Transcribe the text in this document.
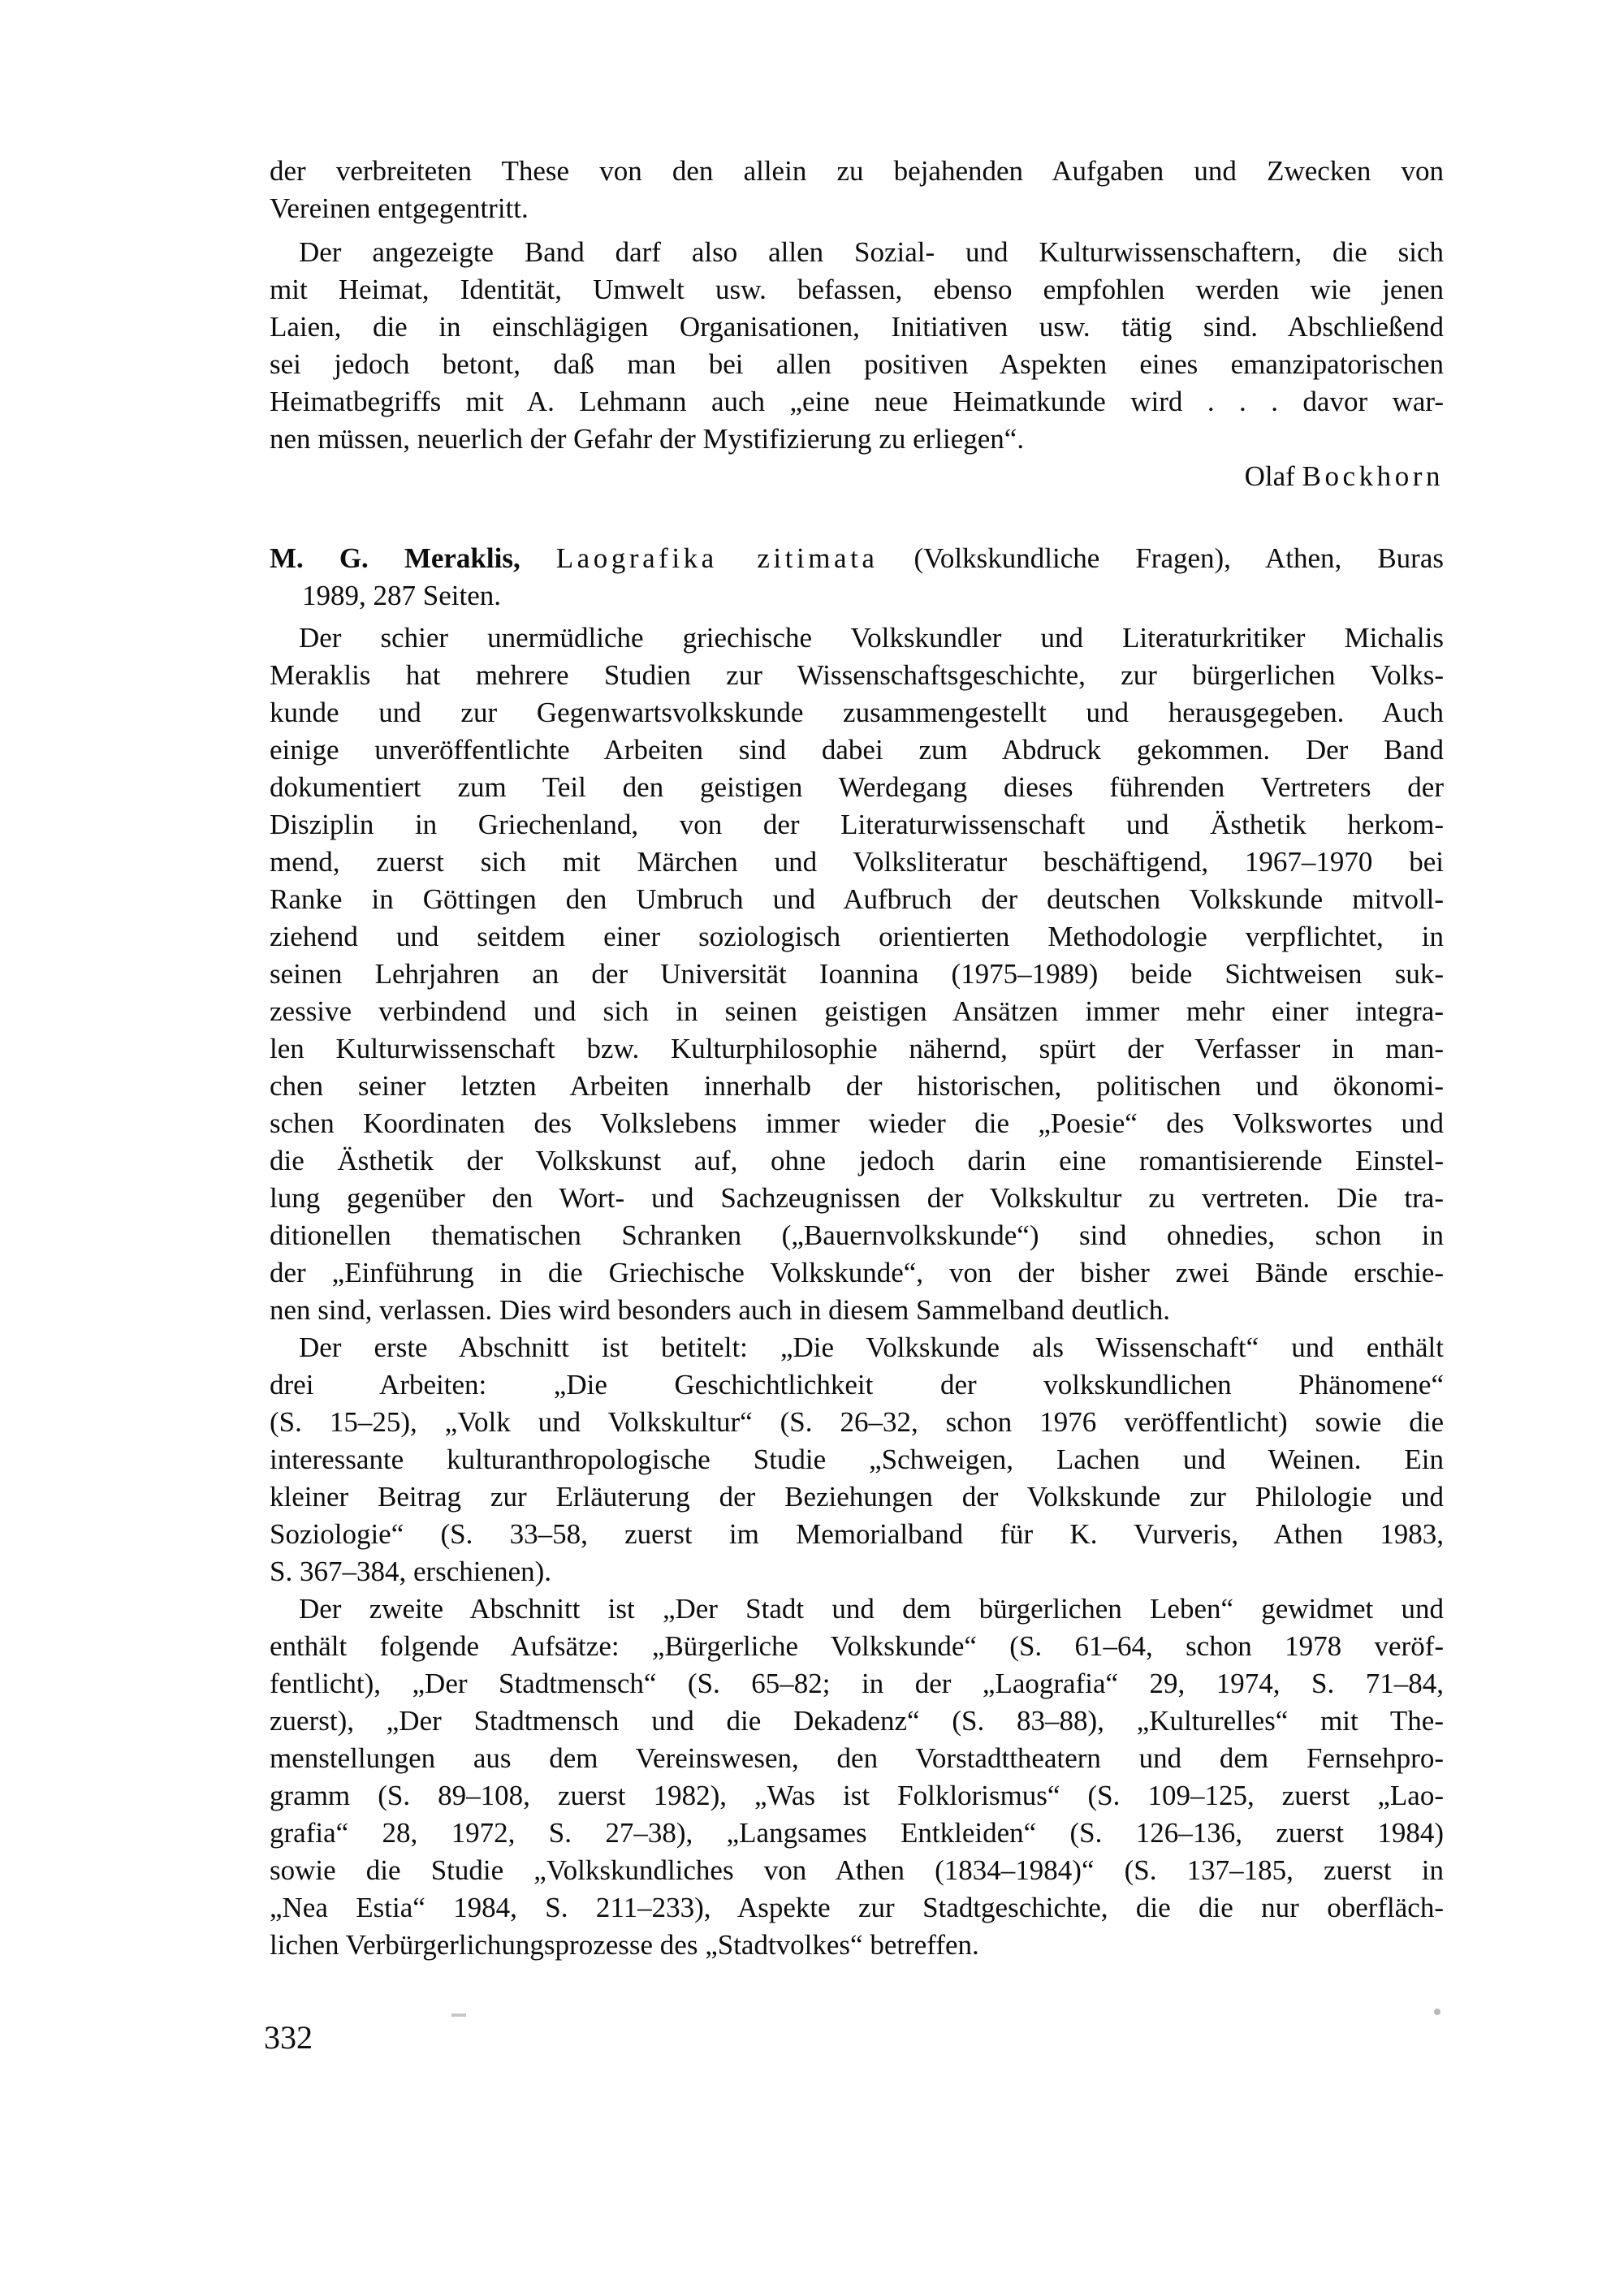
der verbreiteten These von den allein zu bejahenden Aufgaben und Zwecken von
Vereinen entgegentritt.
Der angezeigte Band darf also allen Sozial- und Kulturwissenschaftern, die sich
mit Heimat, Identität, Umwelt usw. befassen, ebenso empfohlen werden wie jenen
Laien, die in einschlägigen Organisationen, Initiativen usw. tätig sind. Abschließend
sei jedoch betont, daß man bei allen positiven Aspekten eines emanzipatorischen
Heimatbegriffs mit A. Lehmann auch „eine neue Heimatkunde wird . . . davor war-
nen müssen, neuerlich der Gefahr der Mystifizierung zu erliegen“.
Olaf Bockhorn
M. G. Meraklis, Laografika zitimata (Volkskundliche Fragen), Athen, Buras
1989, 287 Seiten.
Der schier unermüdliche griechische Volkskundler und Literaturkritiker Michalis
Meraklis hat mehrere Studien zur Wissenschaftsgeschichte, zur bürgerlichen Volks-
kunde und zur Gegenwartsvolkskunde zusammengestellt und herausgegeben. Auch
einige unveröffentlichte Arbeiten sind dabei zum Abdruck gekommen. Der Band
dokumentiert zum Teil den geistigen Werdegang dieses führenden Vertreters der
Disziplin in Griechenland, von der Literaturwissenschaft und Ästhetik herkom-
mend, zuerst sich mit Märchen und Volksliteratur beschäftigend, 1967–1970 bei
Ranke in Göttingen den Umbruch und Aufbruch der deutschen Volkskunde mitvoll-
ziehend und seitdem einer soziologisch orientierten Methodologie verpflichtet, in
seinen Lehrjahren an der Universität Ioannina (1975–1989) beide Sichtweisen suk-
zessive verbindend und sich in seinen geistigen Ansätzen immer mehr einer integra-
len Kulturwissenschaft bzw. Kulturphilosophie nähernd, spürt der Verfasser in man-
chen seiner letzten Arbeiten innerhalb der historischen, politischen und ökonomi-
schen Koordinaten des Volkslebens immer wieder die „Poesie“ des Volkswortes und
die Ästhetik der Volkskunst auf, ohne jedoch darin eine romantisierende Einstel-
lung gegenüber den Wort- und Sachzeugnissen der Volkskultur zu vertreten. Die tra-
ditionellen thematischen Schranken („Bauernvolkskunde“) sind ohnedies, schon in
der „Einführung in die Griechische Volkskunde“, von der bisher zwei Bände erschie-
nen sind, verlassen. Dies wird besonders auch in diesem Sammelband deutlich.
Der erste Abschnitt ist betitelt: „Die Volkskunde als Wissenschaft“ und enthält
drei Arbeiten: „Die Geschichtlichkeit der volkskundlichen Phänomene“
(S. 15–25), „Volk und Volkskultur“ (S. 26–32, schon 1976 veröffentlicht) sowie die
interessante kulturanthropologische Studie „Schweigen, Lachen und Weinen. Ein
kleiner Beitrag zur Erläuterung der Beziehungen der Volkskunde zur Philologie und
Soziologie“ (S. 33–58, zuerst im Memorialband für K. Vurveris, Athen 1983,
S. 367–384, erschienen).
Der zweite Abschnitt ist „Der Stadt und dem bürgerlichen Leben“ gewidmet und
enthält folgende Aufsätze: „Bürgerliche Volkskunde“ (S. 61–64, schon 1978 veröf-
fentlicht), „Der Stadtmensch“ (S. 65–82; in der „Laografia“ 29, 1974, S. 71–84,
zuerst), „Der Stadtmensch und die Dekadenz“ (S. 83–88), „Kulturelles“ mit The-
menstellungen aus dem Vereinswesen, den Vorstadttheatern und dem Fernsehpro-
gramm (S. 89–108, zuerst 1982), „Was ist Folklorismus“ (S. 109–125, zuerst „Lao-
grafia“ 28, 1972, S. 27–38), „Langsames Entkleiden“ (S. 126–136, zuerst 1984)
sowie die Studie „Volkskundliches von Athen (1834–1984)“ (S. 137–185, zuerst in
„Nea Estia“ 1984, S. 211–233), Aspekte zur Stadtgeschichte, die die nur oberfläch-
lichen Verbürgerlichungsprozesse des „Stadtvolkes“ betreffen.
332
